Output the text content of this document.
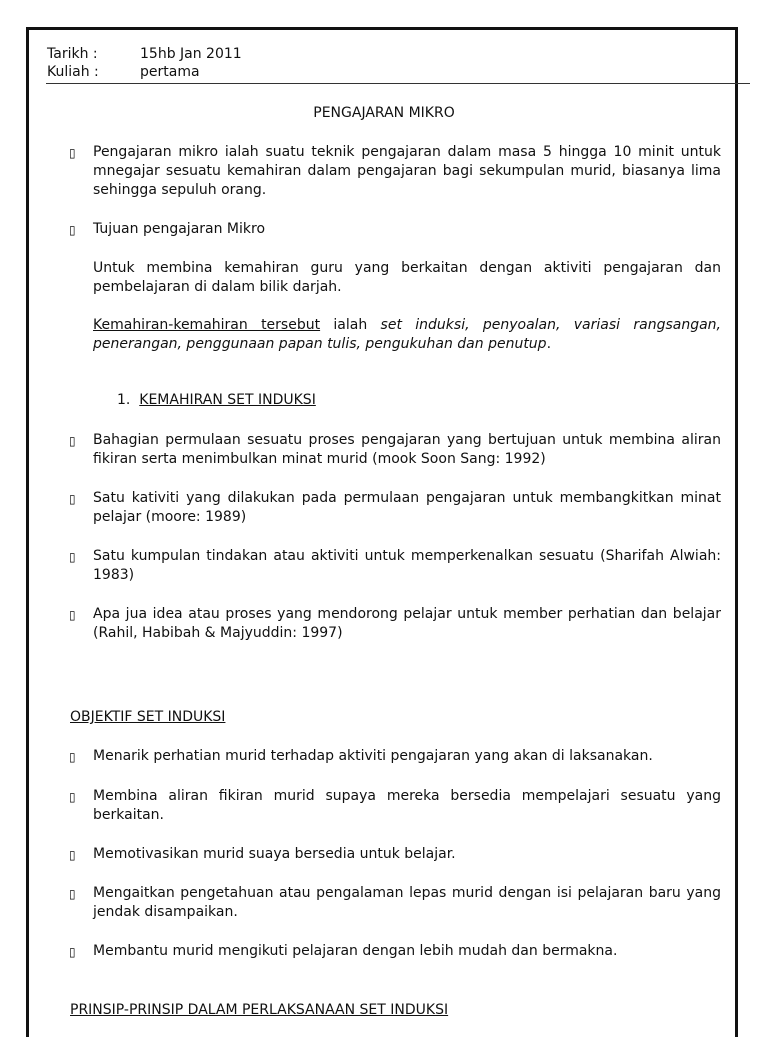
Tarikh :	15hb Jan 2011
Kuliah :	pertama
PENGAJARAN MIKRO
▯ Pengajaran mikro ialah suatu teknik pengajaran dalam masa 5 hingga 10 minit untuk mnegajar sesuatu kemahiran dalam pengajaran bagi sekumpulan murid, biasanya lima sehingga sepuluh orang.
▯ Tujuan pengajaran Mikro
Untuk membina kemahiran guru yang berkaitan dengan aktiviti pengajaran dan pembelajaran di dalam bilik darjah.
Kemahiran-kemahiran tersebut ialah set induksi, penyoalan, variasi rangsangan, penerangan, penggunaan papan tulis, pengukuhan dan penutup.
1. KEMAHIRAN SET INDUKSI
▯ Bahagian permulaan sesuatu proses pengajaran yang bertujuan untuk membina aliran fikiran serta menimbulkan minat murid (mook Soon Sang: 1992)
▯ Satu kativiti yang dilakukan pada permulaan pengajaran untuk membangkitkan minat pelajar (moore: 1989)
▯ Satu kumpulan tindakan atau aktiviti untuk memperkenalkan sesuatu (Sharifah Alwiah: 1983)
▯ Apa jua idea atau proses yang mendorong pelajar untuk member perhatian dan belajar (Rahil, Habibah & Majyuddin: 1997)
OBJEKTIF SET INDUKSI
▯ Menarik perhatian murid terhadap aktiviti pengajaran yang akan di laksanakan.
▯ Membina aliran fikiran murid supaya mereka bersedia mempelajari sesuatu yang berkaitan.
▯ Memotivasikan murid suaya bersedia untuk belajar.
▯ Mengaitkan pengetahuan atau pengalaman lepas murid dengan isi pelajaran baru yang jendak disampaikan.
▯ Membantu murid mengikuti pelajaran dengan lebih mudah dan bermakna.
PRINSIP-PRINSIP DALAM PERLAKSANAAN SET INDUKSI
